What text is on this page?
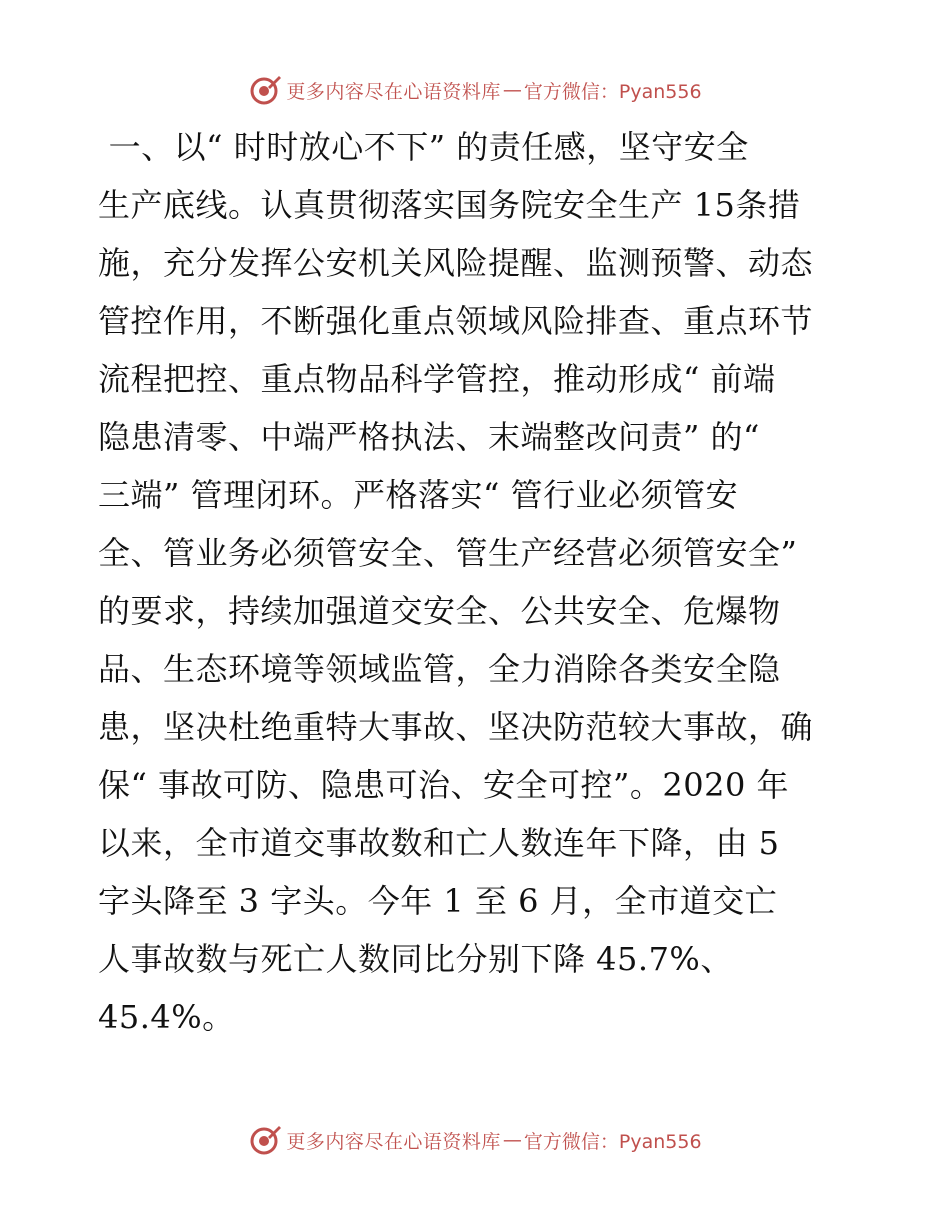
更多内容尽在心语资料库 — 官方微信：Pyan556
一、以“ 时时放心不下” 的责任感，坚守安全
生产底线。认真贯彻落实国务院安全生产 15条措
施，充分发挥公安机关风险提醒、监测预警、动态
管控作用，不断强化重点领域风险排查、重点环节
流程把控、重点物品科学管控，推动形成“ 前端
隐患清零、中端严格执法、末端整改问责” 的“
三端” 管理闭环。严格落实“ 管行业必须管安
全、管业务必须管安全、管生产经营必须管安全”
的要求，持续加强道交安全、公共安全、危爆物
品、生态环境等领域监管，全力消除各类安全隐
患，坚决杜绝重特大事故、坚决防范较大事故，确
保“ 事故可防、隐患可治、安全可控”。2020 年
以来，全市道交事故数和亡人数连年下降，由 5
字头降至 3 字头。今年 1 至 6 月，全市道交亡
人事故数与死亡人数同比分别下降 45.7%、
45.4%。
更多内容尽在心语资料库 — 官方微信：Pyan556
